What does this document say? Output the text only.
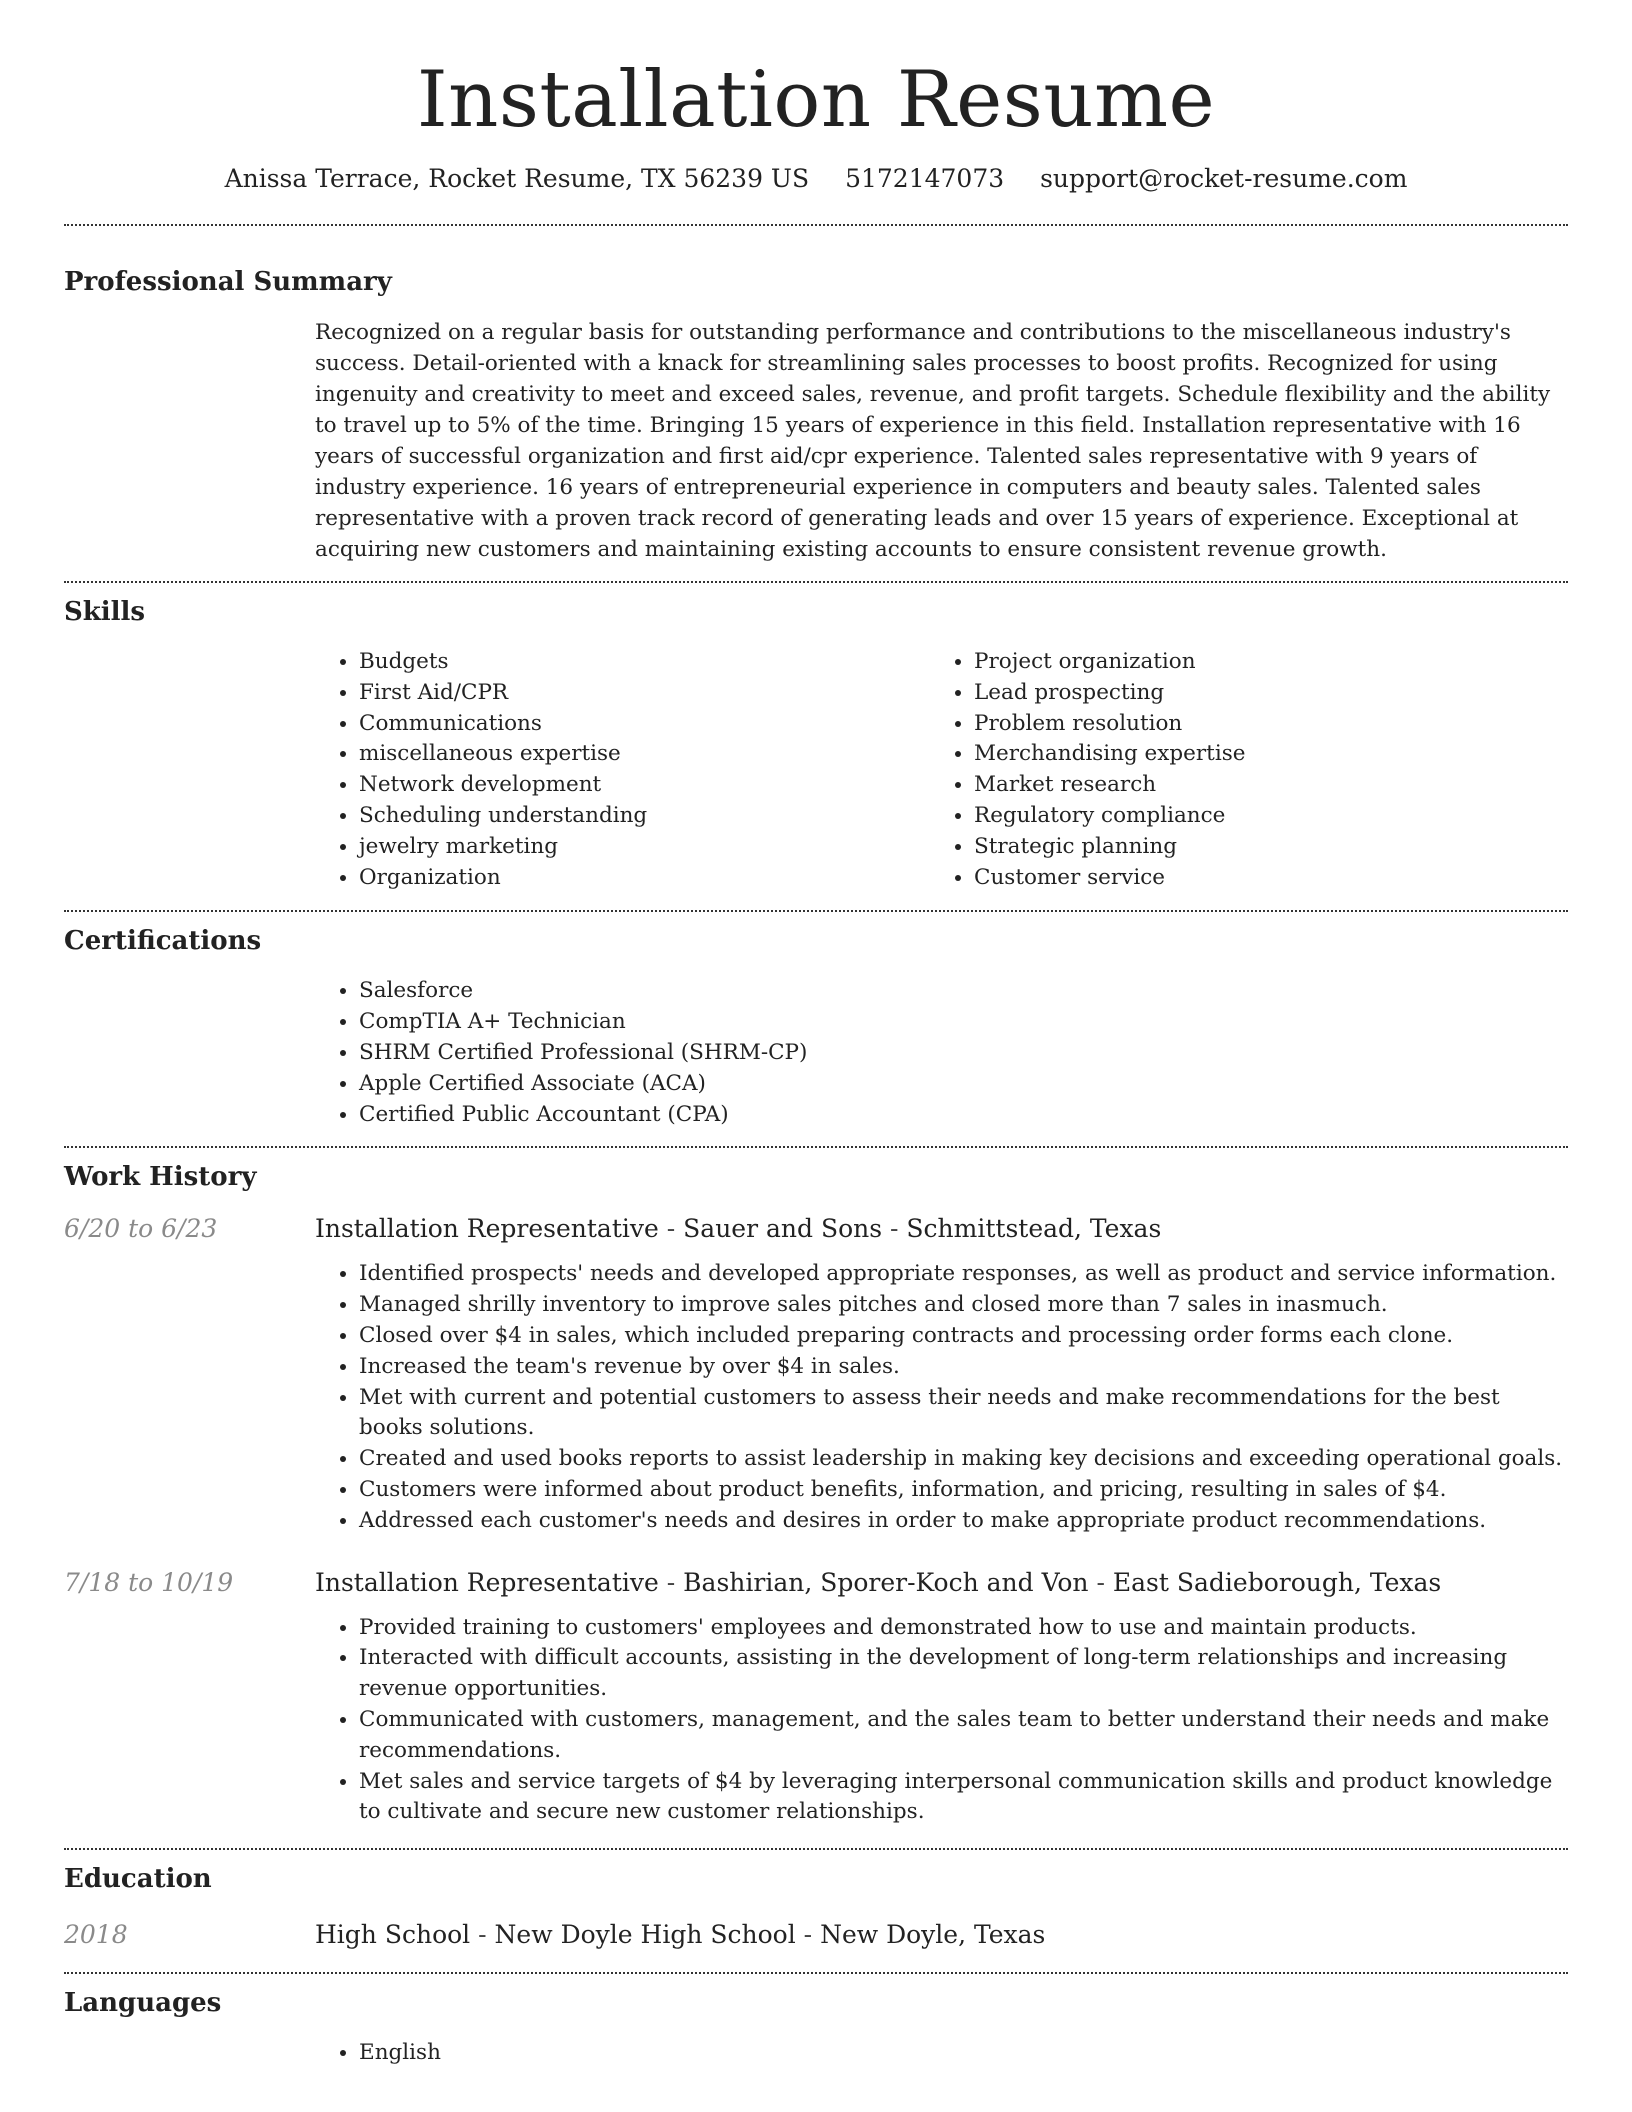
Installation Resume
Anissa Terrace, Rocket Resume, TX 56239 US 5172147073 support@rocket-resume.com
Professional Summary
Recognized on a regular basis for outstanding performance and contributions to the miscellaneous industry's success. Detail-oriented with a knack for streamlining sales processes to boost profits. Recognized for using ingenuity and creativity to meet and exceed sales, revenue, and profit targets. Schedule flexibility and the ability to travel up to 5% of the time. Bringing 15 years of experience in this field. Installation representative with 16 years of successful organization and first aid/cpr experience. Talented sales representative with 9 years of industry experience. 16 years of entrepreneurial experience in computers and beauty sales. Talented sales representative with a proven track record of generating leads and over 15 years of experience. Exceptional at acquiring new customers and maintaining existing accounts to ensure consistent revenue growth.
Skills
• Budgets
• First Aid/CPR
• Communications
• miscellaneous expertise
• Network development
• Scheduling understanding
• jewelry marketing
• Organization
• Project organization
• Lead prospecting
• Problem resolution
• Merchandising expertise
• Market research
• Regulatory compliance
• Strategic planning
• Customer service
Certifications
• Salesforce
• CompTIA A+ Technician
• SHRM Certified Professional (SHRM-CP)
• Apple Certified Associate (ACA)
• Certified Public Accountant (CPA)
Work History
6/20 to 6/23	Installation Representative - Sauer and Sons - Schmittstead, Texas
• Identified prospects' needs and developed appropriate responses, as well as product and service information.
• Managed shrilly inventory to improve sales pitches and closed more than 7 sales in inasmuch.
• Closed over $4 in sales, which included preparing contracts and processing order forms each clone.
• Increased the team's revenue by over $4 in sales.
• Met with current and potential customers to assess their needs and make recommendations for the best books solutions.
• Created and used books reports to assist leadership in making key decisions and exceeding operational goals.
• Customers were informed about product benefits, information, and pricing, resulting in sales of $4.
• Addressed each customer's needs and desires in order to make appropriate product recommendations.
7/18 to 10/19	Installation Representative - Bashirian, Sporer-Koch and Von - East Sadieborough, Texas
• Provided training to customers' employees and demonstrated how to use and maintain products.
• Interacted with difficult accounts, assisting in the development of long-term relationships and increasing revenue opportunities.
• Communicated with customers, management, and the sales team to better understand their needs and make recommendations.
• Met sales and service targets of $4 by leveraging interpersonal communication skills and product knowledge to cultivate and secure new customer relationships.
Education
2018	High School - New Doyle High School - New Doyle, Texas
Languages
• English
